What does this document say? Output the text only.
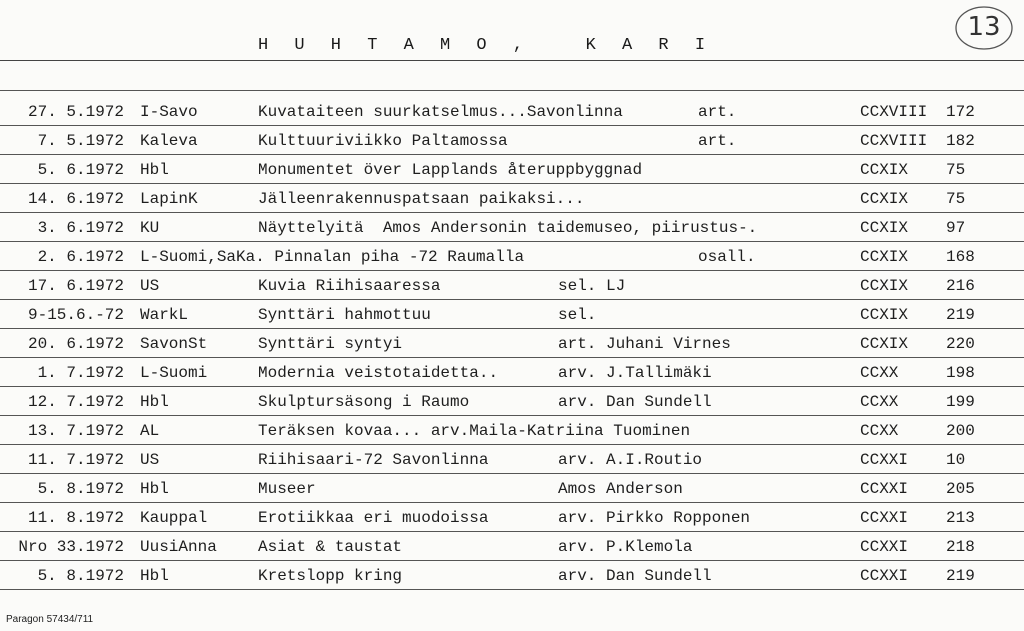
H U H T A M O ,   K A R I
13
27. 5.1972 I-Savo	Kuvataiteen suurkatselmus...Savonlinna	art.	CCXVIII 172
7. 5.1972 Kaleva	Kulttuuriviikko Paltamossa	art.	CCXVIII 182
5. 6.1972 Hbl	Monumentet över Lapplands återuppbyggnad	CCXIX 75
14. 6.1972 LapinK	Jälleenrakennuspatsaan paikaksi...	CCXIX 75
3. 6.1972 KU	Näyttelyitä  Amos Andersonin taidemuseo, piirustus-.	CCXIX 97
2. 6.1972 L-Suomi,SaKa. Pinnalan piha -72 Raumalla	osall.	CCXIX 168
17. 6.1972 US	Kuvia Riihisaaressa	sel. LJ	CCXIX 216
9-15.6.-72 WarkL	Synttäri hahmottuu	sel.	CCXIX 219
20. 6.1972 SavonSt	Synttäri syntyi	art. Juhani Virnes	CCXIX 220
1. 7.1972 L-Suomi	Modernia veistotaidetta..	arv. J.Tallimäki	CCXX	198
12. 7.1972 Hbl	Skulptursäsong i Raumo	arv. Dan Sundell	CCXX	199
13. 7.1972 AL	Teräksen kovaa... arv.Maila-Katriina Tuominen	CCXX	200
11. 7.1972 US	Riihisaari-72 Savonlinna	arv. A.I.Routio	CCXXI 10
5. 8.1972 Hbl	Museer	Amos Anderson	CCXXI 205
11. 8.1972 Kauppal	Erotiikkaa eri muodoissa	arv. Pirkko Ropponen	CCXXI 213
Nro 33.1972 UusiAnna	Asiat & taustat	arv. P.Klemola	CCXXI 218
5. 8.1972 Hbl	Kretslopp kring	arv. Dan Sundell	CCXXI 219
Paragon 57434/711
